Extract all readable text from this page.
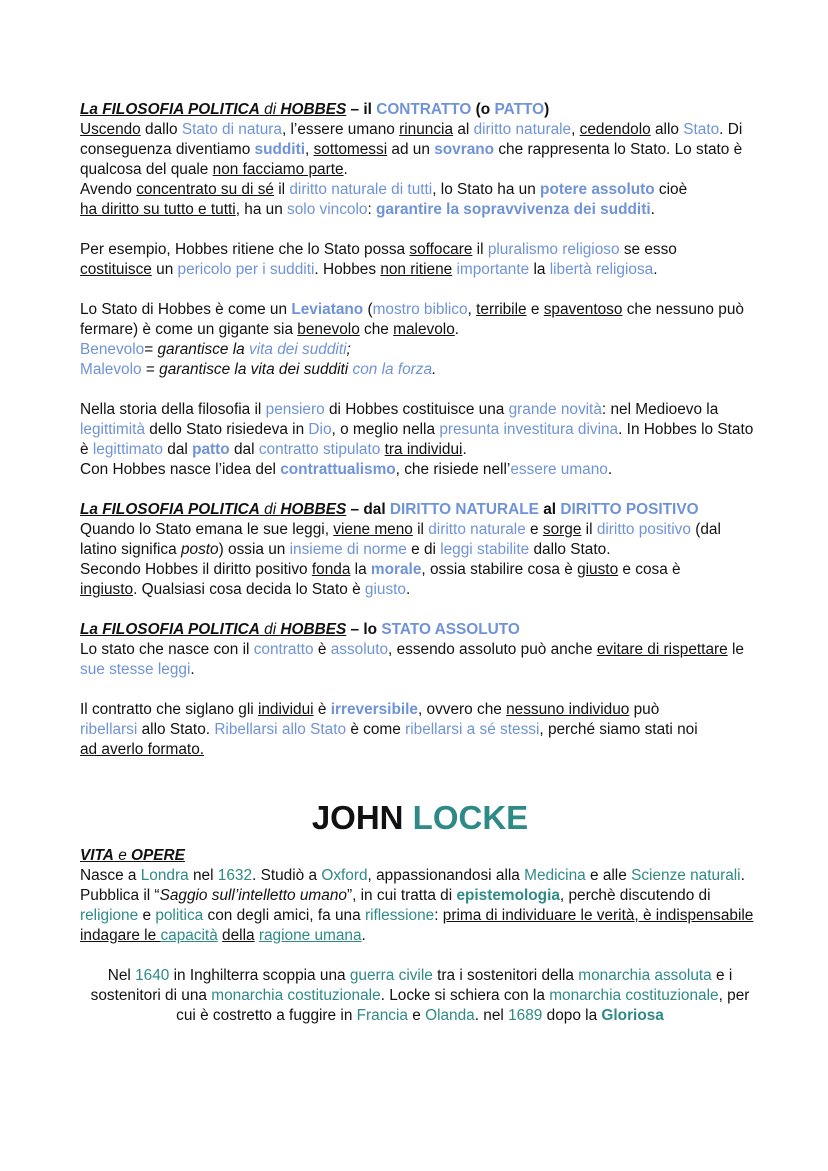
La FILOSOFIA POLITICA di HOBBES – il CONTRATTO (o PATTO)

Uscendo dallo Stato di natura, l’essere umano rinuncia al diritto naturale, cedendolo allo Stato. Di conseguenza diventiamo sudditi, sottomessi ad un sovrano che rappresenta lo Stato. Lo stato è qualcosa del quale non facciamo parte.

Avendo concentrato su di sé il diritto naturale di tutti, lo Stato ha un potere assoluto cioè
ha diritto su tutto e tutti, ha un solo vincolo: garantire la sopravvivenza dei sudditi.

Per esempio, Hobbes ritiene che lo Stato possa soffocare il pluralismo religioso se esso
costituisce un pericolo per i sudditi. Hobbes non ritiene importante la libertà religiosa.

Lo Stato di Hobbes è come un Leviatano (mostro biblico, terribile e spaventoso che nessuno può fermare) è come un gigante sia benevolo che malevolo.

Benevolo= garantisce la vita dei sudditi;

Malevolo = garantisce la vita dei sudditi con la forza.

Nella storia della filosofia il pensiero di Hobbes costituisce una grande novità: nel Medioevo la legittimità dello Stato risiedeva in Dio, o meglio nella presunta investitura divina. In Hobbes lo Stato è legittimato dal patto dal contratto stipulato tra individui.
Con Hobbes nasce l’idea del contrattualismo, che risiede nell’essere umano.

La FILOSOFIA POLITICA di HOBBES – dal DIRITTO NATURALE al DIRITTO POSITIVO

Quando lo Stato emana le sue leggi, viene meno il diritto naturale e sorge il diritto positivo (dal latino significa posto) ossia un insieme di norme e di leggi stabilite dallo Stato.
Secondo Hobbes il diritto positivo fonda la morale, ossia stabilire cosa è giusto e cosa è
ingiusto. Qualsiasi cosa decida lo Stato è giusto.

La FILOSOFIA POLITICA di HOBBES – lo STATO ASSOLUTO

Lo stato che nasce con il contratto è assoluto, essendo assoluto può anche evitare di rispettare le sue stesse leggi.

Il contratto che siglano gli individui è irreversibile, ovvero che nessuno individuo può
ribellarsi allo Stato. Ribellarsi allo Stato è come ribellarsi a sé stessi, perché siamo stati noi
ad averlo formato.

JOHN LOCKE

VITA e OPERE

Nasce a Londra nel 1632. Studiò a Oxford, appassionandosi alla Medicina e alle Scienze naturali.

Pubblica il “Saggio sull’intelletto umano”, in cui tratta di epistemologia, perchè discutendo di
religione e politica con degli amici, fa una riflessione: prima di individuare le verità, è indispensabile indagare le capacità della ragione umana.

Nel 1640 in Inghilterra scoppia una guerra civile tra i sostenitori della monarchia assoluta e i sostenitori di una monarchia costituzionale. Locke si schiera con la monarchia costituzionale, per cui è costretto a fuggire in Francia e Olanda. nel 1689 dopo la Gloriosa
